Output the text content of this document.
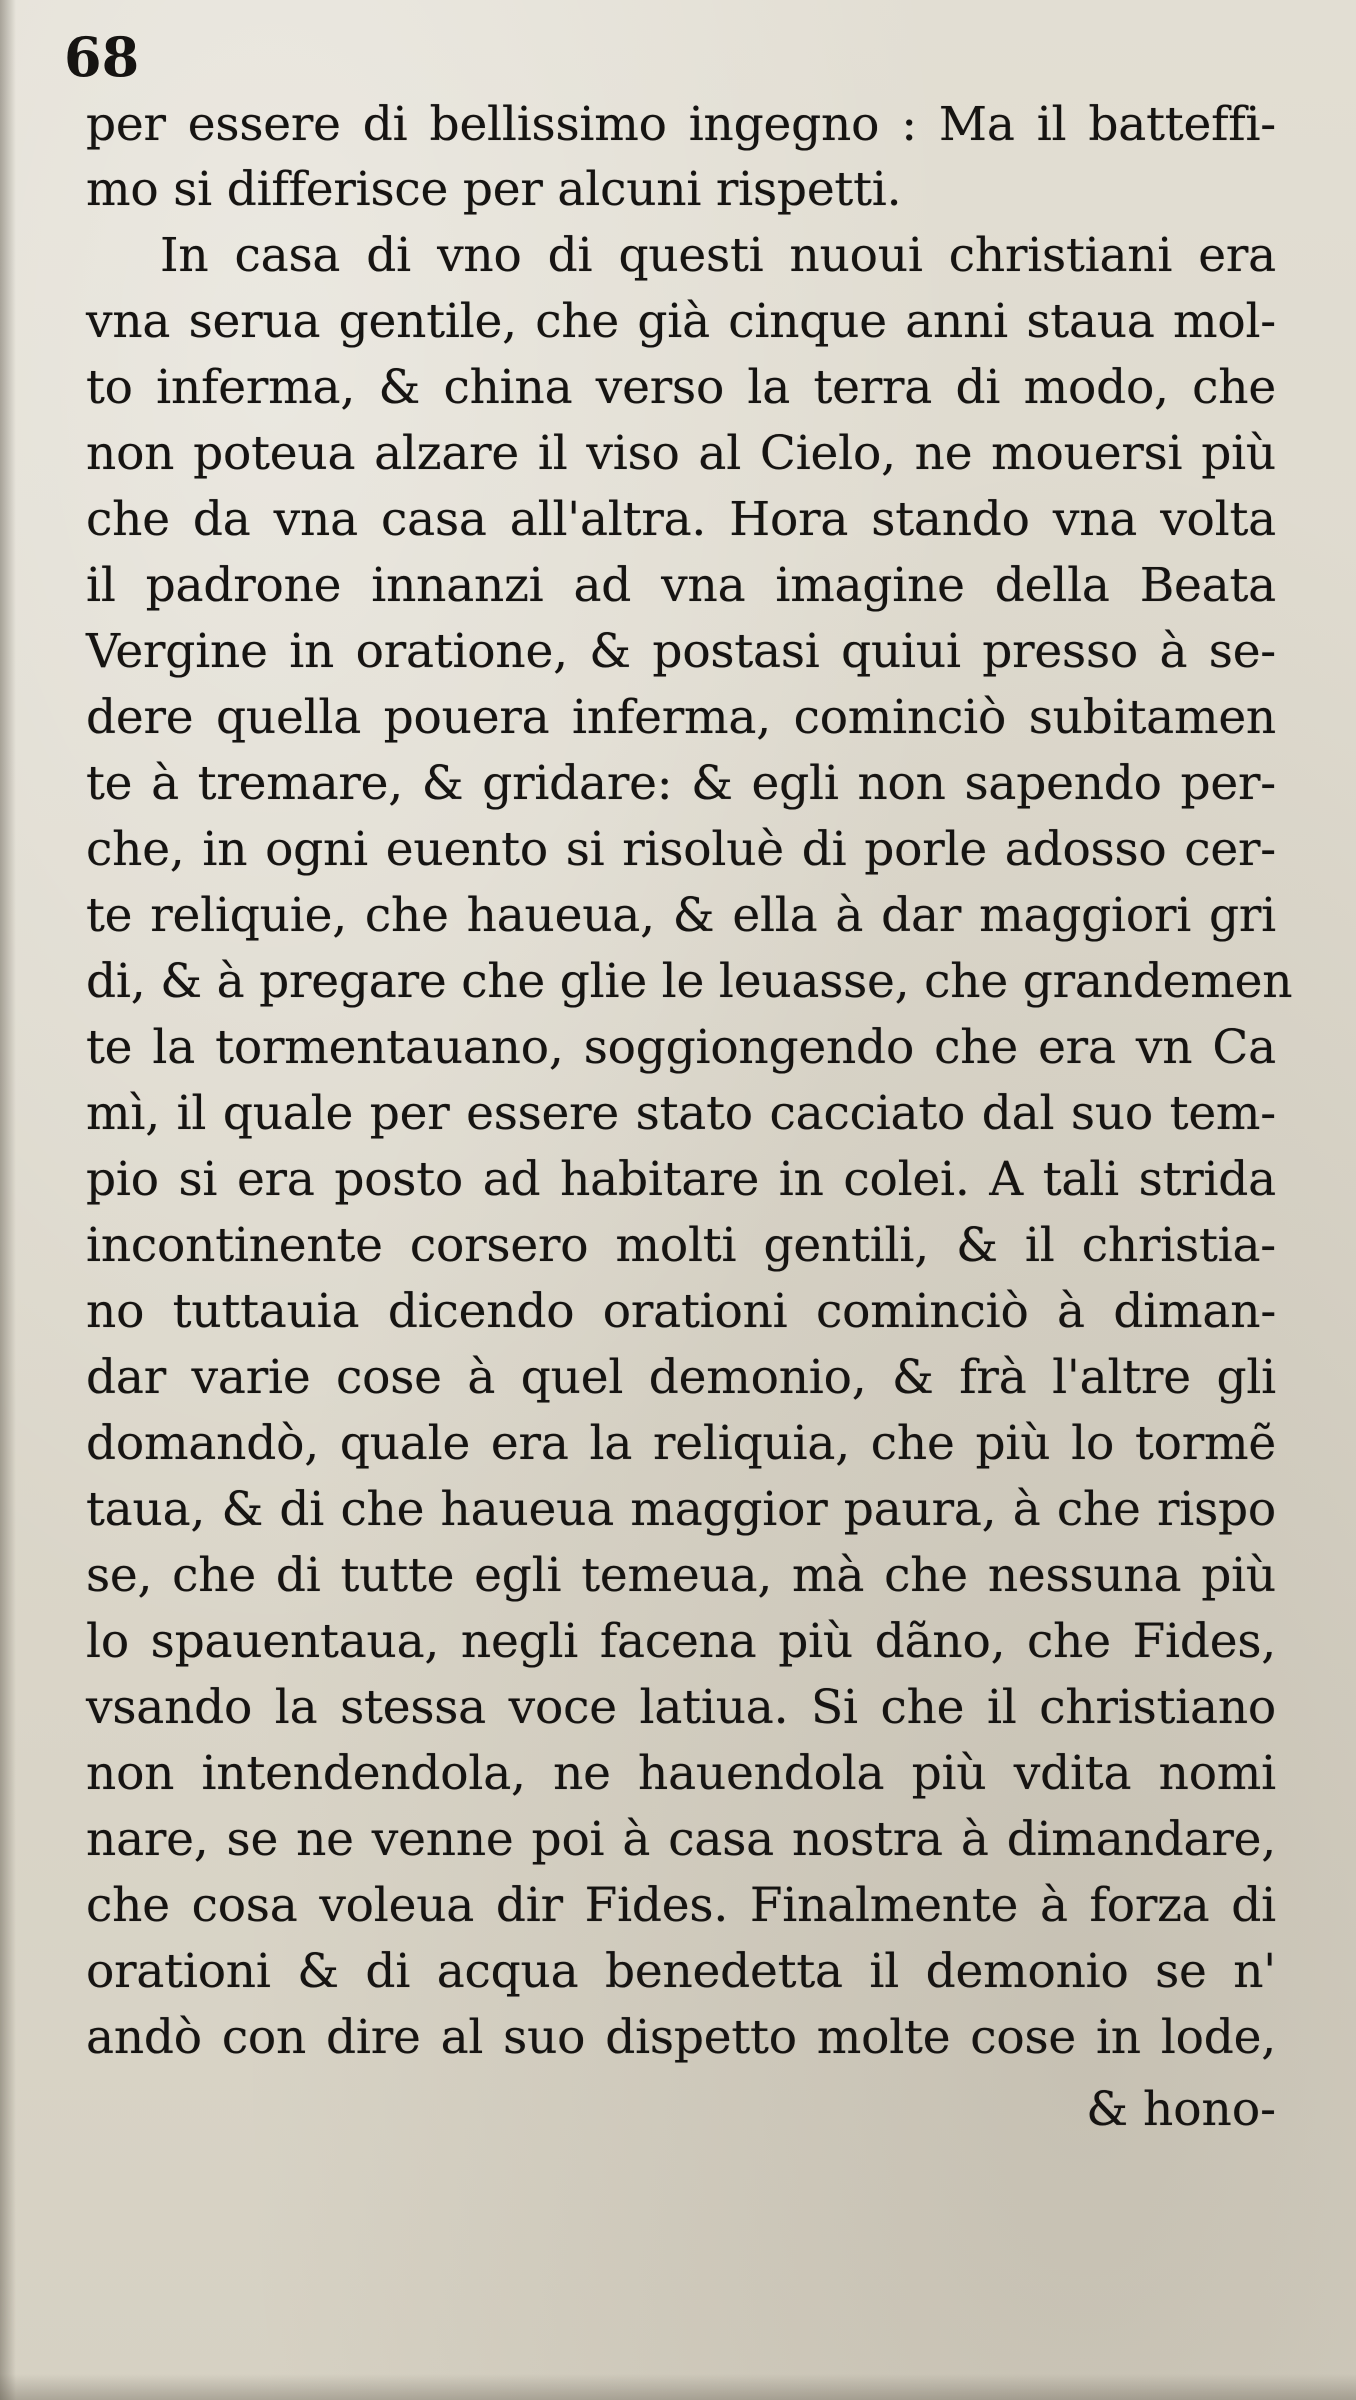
68
per essere di bellissimo ingegno : Ma il batteffi-
mo si differisce per alcuni rispetti.
In casa di vno di questi nuoui christiani era
vna serua gentile, che già cinque anni staua mol-
to inferma, & china verso la terra di modo, che
non poteua alzare il viso al Cielo, ne mouersi più
che da vna casa all'altra. Hora stando vna volta
il padrone innanzi ad vna imagine della Beata
Vergine in oratione, & postasi quiui presso à se-
dere quella pouera inferma, cominciò subitamen
te à tremare, & gridare: & egli non sapendo per-
che, in ogni euento si risoluè di porle adosso cer-
te reliquie, che haueua, & ella à dar maggiori gri
di, & à pregare che glie le leuasse, che grandemen
te la tormentauano, soggiongendo che era vn Ca
mì, il quale per essere stato cacciato dal suo tem-
pio si era posto ad habitare in colei. A tali strida
incontinente corsero molti gentili, & il christia-
no tuttauia dicendo orationi cominciò à diman-
dar varie cose à quel demonio, & frà l'altre gli
domandò, quale era la reliquia, che più lo tormẽ
taua, & di che haueua maggior paura, à che rispo
se, che di tutte egli temeua, mà che nessuna più
lo spauentaua, negli facena più dãno, che Fides,
vsando la stessa voce latiua. Si che il christiano
non intendendola, ne hauendola più vdita nomi
nare, se ne venne poi à casa nostra à dimandare,
che cosa voleua dir Fides. Finalmente à forza di
orationi & di acqua benedetta il demonio se n'
andò con dire al suo dispetto molte cose in lode,
& hono-
